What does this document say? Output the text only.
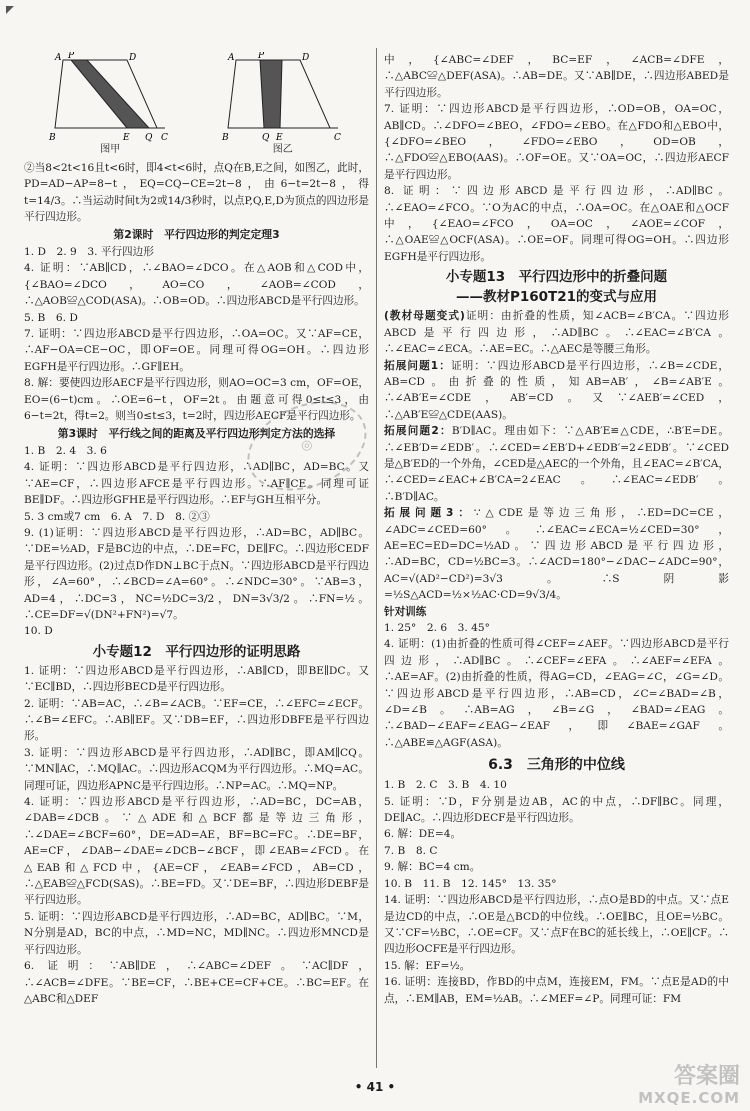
A P	D
B	E Q C
图甲
A	P	D
B	E
Q	C
图乙

②当8<2t<16且t<6时，即4<t<6时，点Q在B,E之间，如图乙，此时，PD=AD−AP=8−t，EQ=CQ−CE=2t−8，由6−t=2t−8，得t=14/3。∴当运动时间t为2或14/3秒时，以点P,Q,E,D为顶点的四边形是平行四边形。

第2课时　平行四边形的判定定理3

1. D　2. 9　3. 平行四边形

4. 证明：∵AB∥CD，∴∠BAO=∠DCO。在△AOB和△COD中，{∠BAO=∠DCO，AO=CO，∠AOB=∠COD，∴△AOB≌△COD(ASA)。∴OB=OD。∴四边形ABCD是平行四边形。

5. B　6. D

7. 证明：∵四边形ABCD是平行四边形，∴OA=OC。又∵AF=CE，∴AF−OA=CE−OC，即OF=OE。同理可得OG=OH。∴四边形EGFH是平行四边形。∴GF∥EH。

8. 解：要使四边形AECF是平行四边形，则AO=OC=3 cm，OF=OE，EO=(6−t)cm。∴OE=6−t，OF=2t。由题意可得0≤t≤3，由6−t=2t，得t=2。则当0≤t≤3，t=2时，四边形AECF是平行四边形。

第3课时　平行线之间的距离及平行四边形判定方法的选择

1. B　2. 4　3. 6

4. 证明：∵四边形ABCD是平行四边形，∴AD∥BC，AD=BC。又∵AE=CF，∴四边形AFCE是平行四边形。∴AF∥CE。同理可证BE∥DF。∴四边形GFHE是平行四边形。∴EF与GH互相平分。

5. 3 cm或7 cm　6. A　7. D　8. ②③

9. (1)证明：∵四边形ABCD是平行四边形，∴AD=BC，AD∥BC。∵DE=½AD，F是BC边的中点，∴DE=FC，DE∥FC。∴四边形CEDF是平行四边形。(2)过点D作DN⊥BC于点N。∵四边形ABCD是平行四边形，∠A=60°，∴∠BCD=∠A=60°。∴∠NDC=30°。∵AB=3，AD=4，∴DC=3，NC=½DC=3/2，DN=3√3/2。∴FN=½。∴CE=DF=√(DN²+FN²)=√7。

10. D

小专题12　平行四边形的证明思路

1. 证明：∵四边形ABCD是平行四边形，∴AB∥CD，即BE∥DC。又∵EC∥BD，∴四边形BECD是平行四边形。

2. 证明：∵AB=AC，∴∠B=∠ACB。∵EF=CE，∴∠EFC=∠ECF。∴∠B=∠EFC。∴AB∥EF。又∵DB=EF，∴四边形DBFE是平行四边形。

3. 证明：∵四边形ABCD是平行四边形，∴AD∥BC，即AM∥CQ。∵MN∥AC，∴MQ∥AC。∴四边形ACQM为平行四边形。∴MQ=AC。同理可证，四边形APNC是平行四边形。∴NP=AC。∴MQ=NP。

4. 证明：∵四边形ABCD是平行四边形，∴AD=BC，DC=AB，∠DAB=∠DCB。∵△ADE和△BCF都是等边三角形，∴∠DAE=∠BCF=60°，DE=AD=AE，BF=BC=FC。∴DE=BF，AE=CF，∠DAB−∠DAE=∠DCB−∠BCF，即∠EAB=∠FCD。在△EAB和△FCD中，{AE=CF，∠EAB=∠FCD，AB=CD，∴△EAB≌△FCD(SAS)。∴BE=FD。又∵DE=BF，∴四边形DEBF是平行四边形。

5. 证明：∵四边形ABCD是平行四边形，∴AD=BC，AD∥BC。∵M，N分别是AD，BC的中点，∴MD=NC，MD∥NC。∴四边形MNCD是平行四边形。

6. 证明：∵AB∥DE，∴∠ABC=∠DEF。∵AC∥DF，∴∠ACB=∠DFE。∵BE=CF，∴BE+CE=CF+CE。∴BC=EF。在△ABC和△DEF

中，{∠ABC=∠DEF，BC=EF，∠ACB=∠DFE，∴△ABC≌△DEF(ASA)。∴AB=DE。又∵AB∥DE，∴四边形ABED是平行四边形。

7. 证明：∵四边形ABCD是平行四边形，∴OD=OB，OA=OC，AB∥CD。∴∠DFO=∠BEO，∠FDO=∠EBO。在△FDO和△EBO中，{∠DFO=∠BEO，∠FDO=∠EBO，OD=OB，∴△FDO≌△EBO(AAS)。∴OF=OE。又∵OA=OC，∴四边形AECF是平行四边形。

8. 证明：∵四边形ABCD是平行四边形，∴AD∥BC。∴∠EAO=∠FCO。∵O为AC的中点，∴OA=OC。在△OAE和△OCF中，{∠EAO=∠FCO，OA=OC，∠AOE=∠COF，∴△OAE≌△OCF(ASA)。∴OE=OF。同理可得OG=OH。∴四边形EGFH是平行四边形。

小专题13　平行四边形中的折叠问题
——教材P160T21的变式与应用

(教材母题变式)证明：由折叠的性质，知∠ACB=∠B′CA。∵四边形ABCD是平行四边形，∴AD∥BC。∴∠EAC=∠B′CA。∴∠EAC=∠ECA。∴AE=EC。∴△AEC是等腰三角形。

拓展问题1：证明：∵四边形ABCD是平行四边形，∴∠B=∠CDE，AB=CD。由折叠的性质，知AB=AB′，∠B=∠AB′E。∴∠AB′E=∠CDE，AB′=CD。又∵∠AEB′=∠CED，∴△AB′E≌△CDE(AAS)。

拓展问题2：B′D∥AC。理由如下：∵△AB′E≌△CDE，∴B′E=DE。∴∠EB′D=∠EDB′。∴∠CED=∠EB′D+∠EDB′=2∠EDB′。∵∠CED是△B′ED的一个外角，∠CED是△AEC的一个外角，且∠EAC=∠B′CA，∴∠CED=∠EAC+∠B′CA=2∠EAC。∴∠EAC=∠EDB′。∴B′D∥AC。

拓展问题3：∵△CDE是等边三角形，∴ED=DC=CE，∠ADC=∠CED=60°。∴∠EAC=∠ECA=½∠CED=30°，AE=EC=ED=DC=½AD。∵四边形ABCD是平行四边形，∴AD=BC，CD=½BC=3。∴∠ACD=180°−∠DAC−∠ADC=90°，AC=√(AD²−CD²)=3√3。∴S阴影=½S△ACD=½×½AC·CD=9√3/4。

针对训练

1. 25°　2. 6　3. 45°

4. 证明：(1)由折叠的性质可得∠CEF=∠AEF。∵四边形ABCD是平行四边形，∴AD∥BC。∴∠CEF=∠EFA。∴∠AEF=∠EFA。∴AE=AF。(2)由折叠的性质，得AG=CD，∠EAG=∠C，∠G=∠D。∵四边形ABCD是平行四边形，∴AB=CD，∠C=∠BAD=∠B，∠D=∠B。∴AB=AG，∠B=∠G，∠BAD=∠EAG。∴∠BAD−∠EAF=∠EAG−∠EAF，即∠BAE=∠GAF。∴△ABE≌△AGF(ASA)。

6.3　三角形的中位线

1. B　2. C　3. B　4. 10

5. 证明：∵D，F分别是边AB，AC的中点，∴DF∥BC。同理，DE∥AC。∴四边形DECF是平行四边形。

6. 解：DE=4。

7. B　8. C

9. 解：BC=4 cm。

10. B　11. B　12. 145°　13. 35°

14. 证明：∵四边形ABCD是平行四边形，∴点O是BD的中点。又∵点E是边CD的中点，∴OE是△BCD的中位线。∴OE∥BC，且OE=½BC。又∵CF=½BC，∴OE=CF。又∵点F在BC的延长线上，∴OE∥CF。∴四边形OCFE是平行四边形。

15. 解：EF=½。

16. 证明：连接BD，作BD的中点M，连接EM，FM。∵点E是AD的中点，∴EM∥AB，EM=½AB。∴∠MEF=∠P。同理可证：FM

◎
• 41 •	答案圈
MXQE.COM
